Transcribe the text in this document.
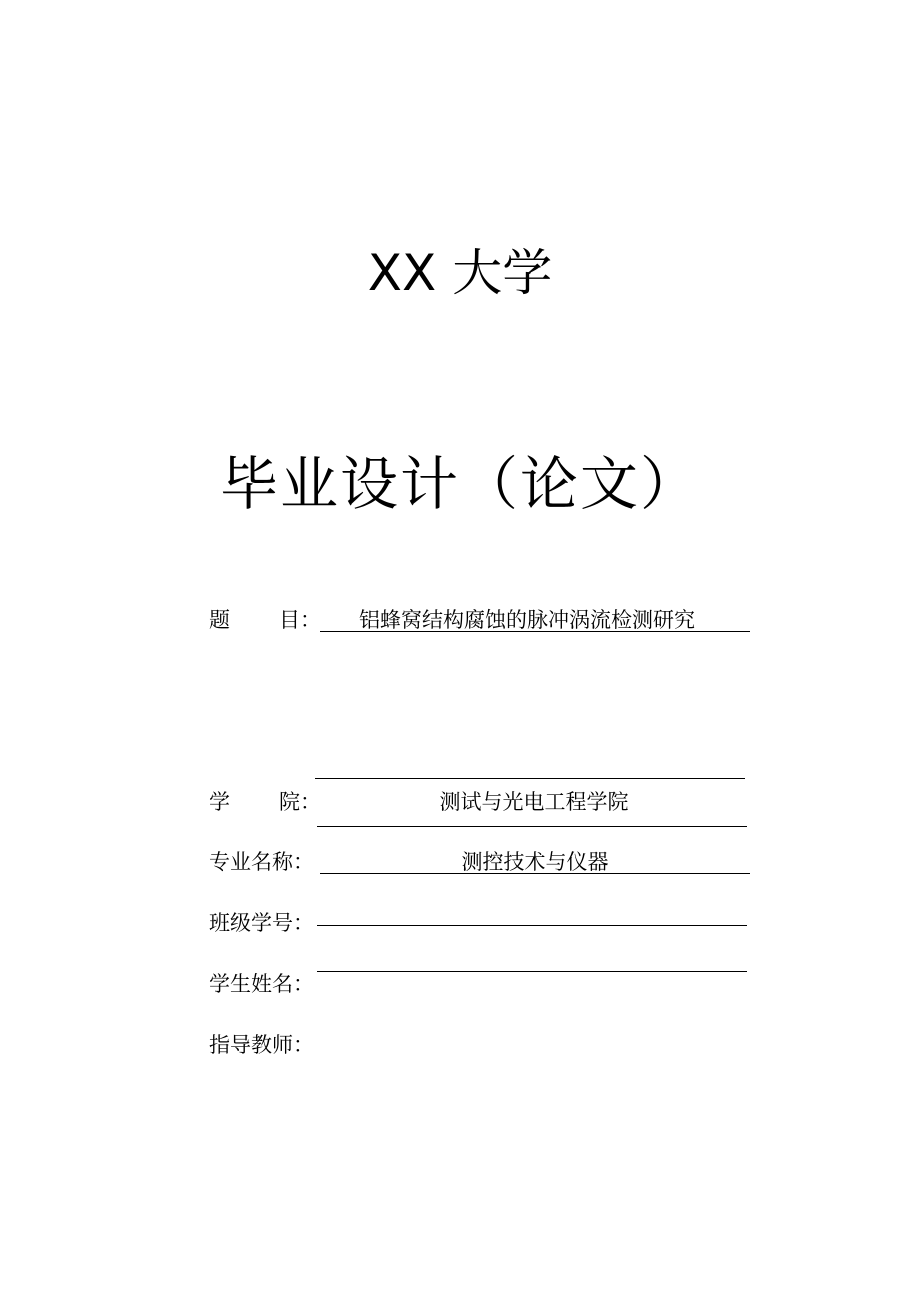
XX 大学
毕业设计（论文）
题 目： 铝蜂窝结构腐蚀的脉冲涡流检测研究
学 院：	测试与光电工程学院
专业名称：	测控技术与仪器
班级学号：
学生姓名：
指导教师：
